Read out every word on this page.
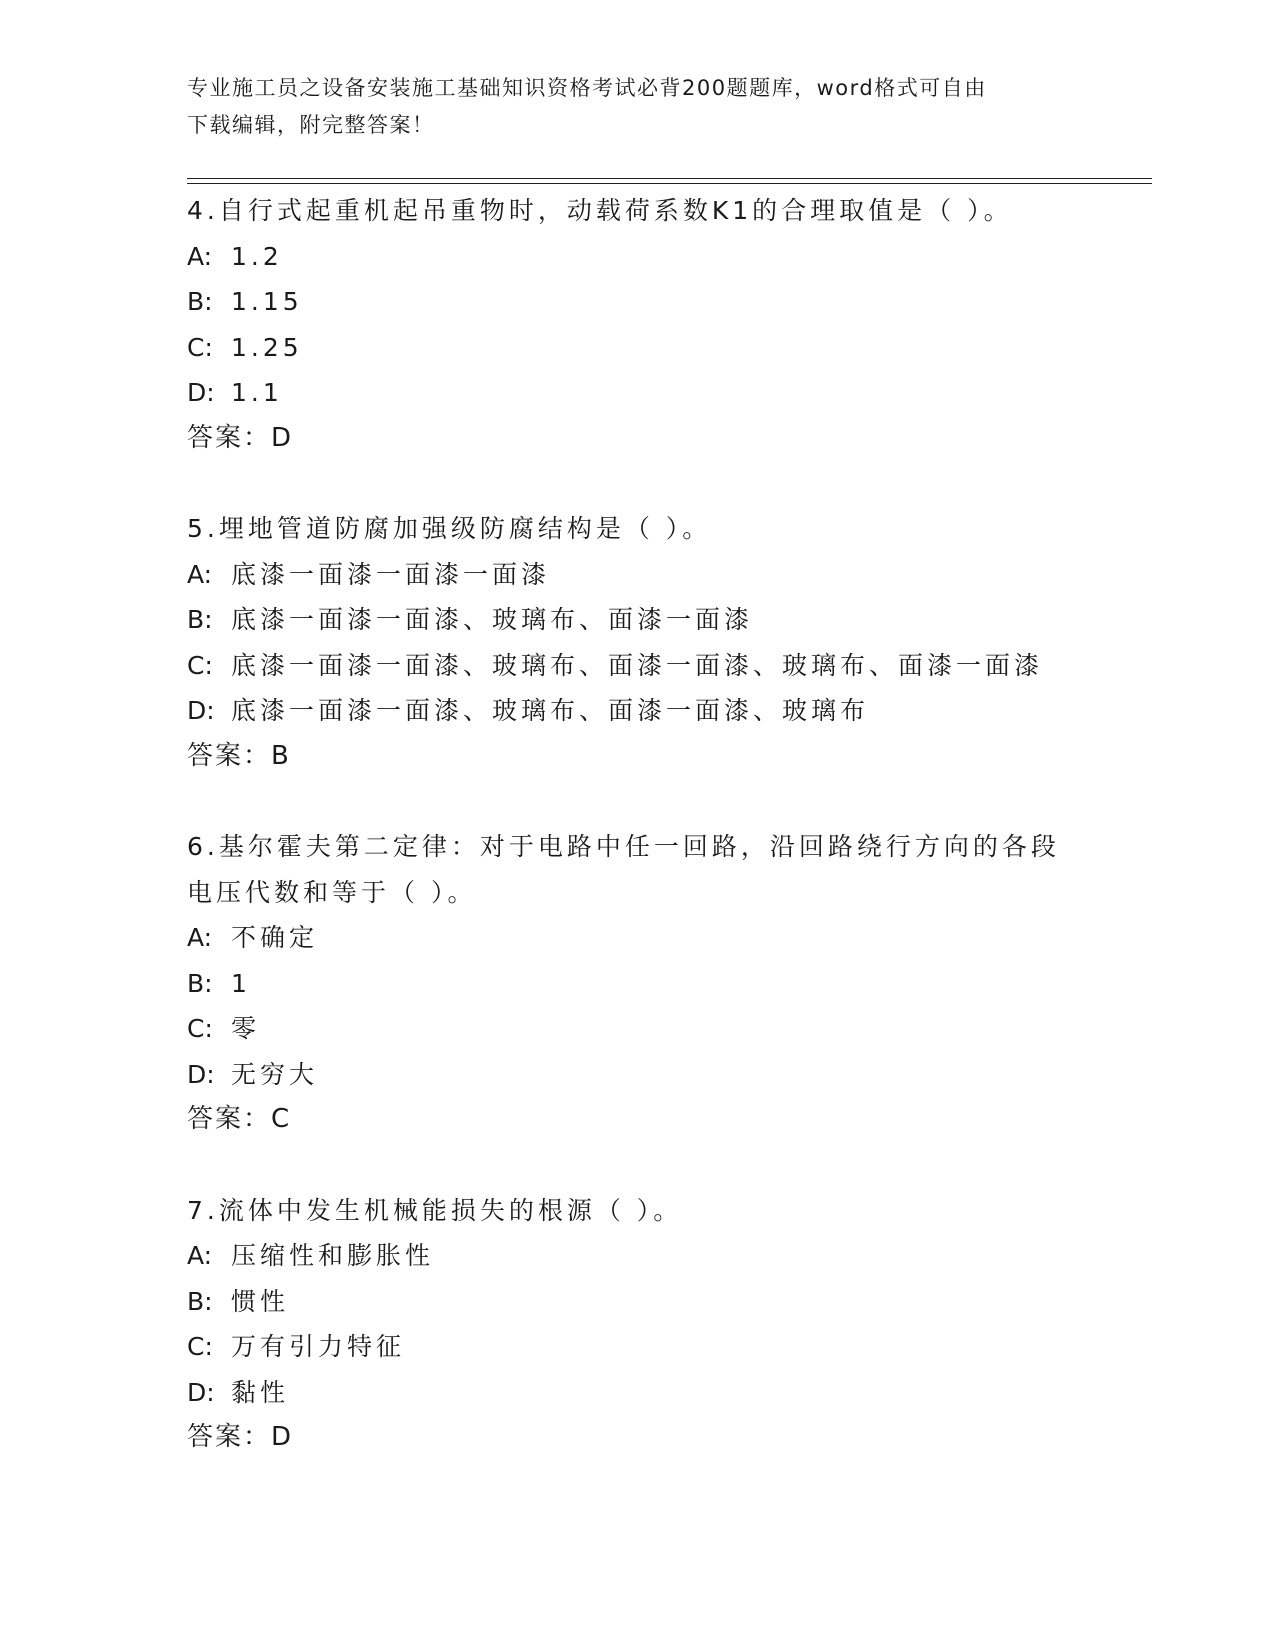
专业施工员之设备安装施工基础知识资格考试必背200题题库，word格式可自由
下载编辑，附完整答案！
4.自行式起重机起吊重物时，动载荷系数K1的合理取值是（ ）。
A: 1.2
B: 1.15
C: 1.25
D: 1.1
答案：D
5.埋地管道防腐加强级防腐结构是（ ）。
A: 底漆一面漆一面漆一面漆
B: 底漆一面漆一面漆、玻璃布、面漆一面漆
C: 底漆一面漆一面漆、玻璃布、面漆一面漆、玻璃布、面漆一面漆
D: 底漆一面漆一面漆、玻璃布、面漆一面漆、玻璃布
答案：B
6.基尔霍夫第二定律：对于电路中任一回路，沿回路绕行方向的各段
电压代数和等于（ ）。
A: 不确定
B: 1
C: 零
D: 无穷大
答案：C
7.流体中发生机械能损失的根源（ ）。
A: 压缩性和膨胀性
B: 惯性
C: 万有引力特征
D: 黏性
答案：D
